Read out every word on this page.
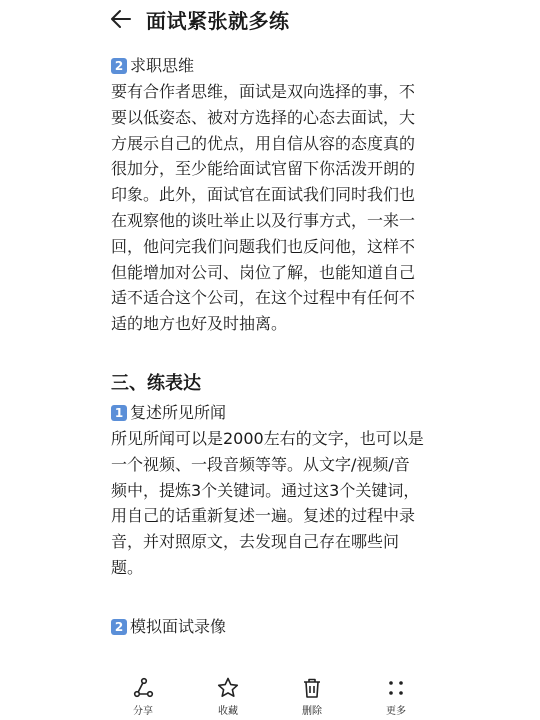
面试紧张就多练
2 求职思维
要有合作者思维，面试是双向选择的事，不
要以低姿态、被对方选择的心态去面试，大
方展示自己的优点，用自信从容的态度真的
很加分，至少能给面试官留下你活泼开朗的
印象。此外，面试官在面试我们同时我们也
在观察他的谈吐举止以及行事方式，一来一
回，他问完我们问题我们也反问他，这样不
但能增加对公司、岗位了解，也能知道自己
适不适合这个公司，在这个过程中有任何不
适的地方也好及时抽离。
三、练表达
1 复述所见所闻
所见所闻可以是2000左右的文字，也可以是
一个视频、一段音频等等。从文字/视频/音
频中，提炼3个关键词。通过这3个关键词，
用自己的话重新复述一遍。复述的过程中录
音，并对照原文，去发现自己存在哪些问
题。
2 模拟面试录像
分享	收藏	删除	更多
